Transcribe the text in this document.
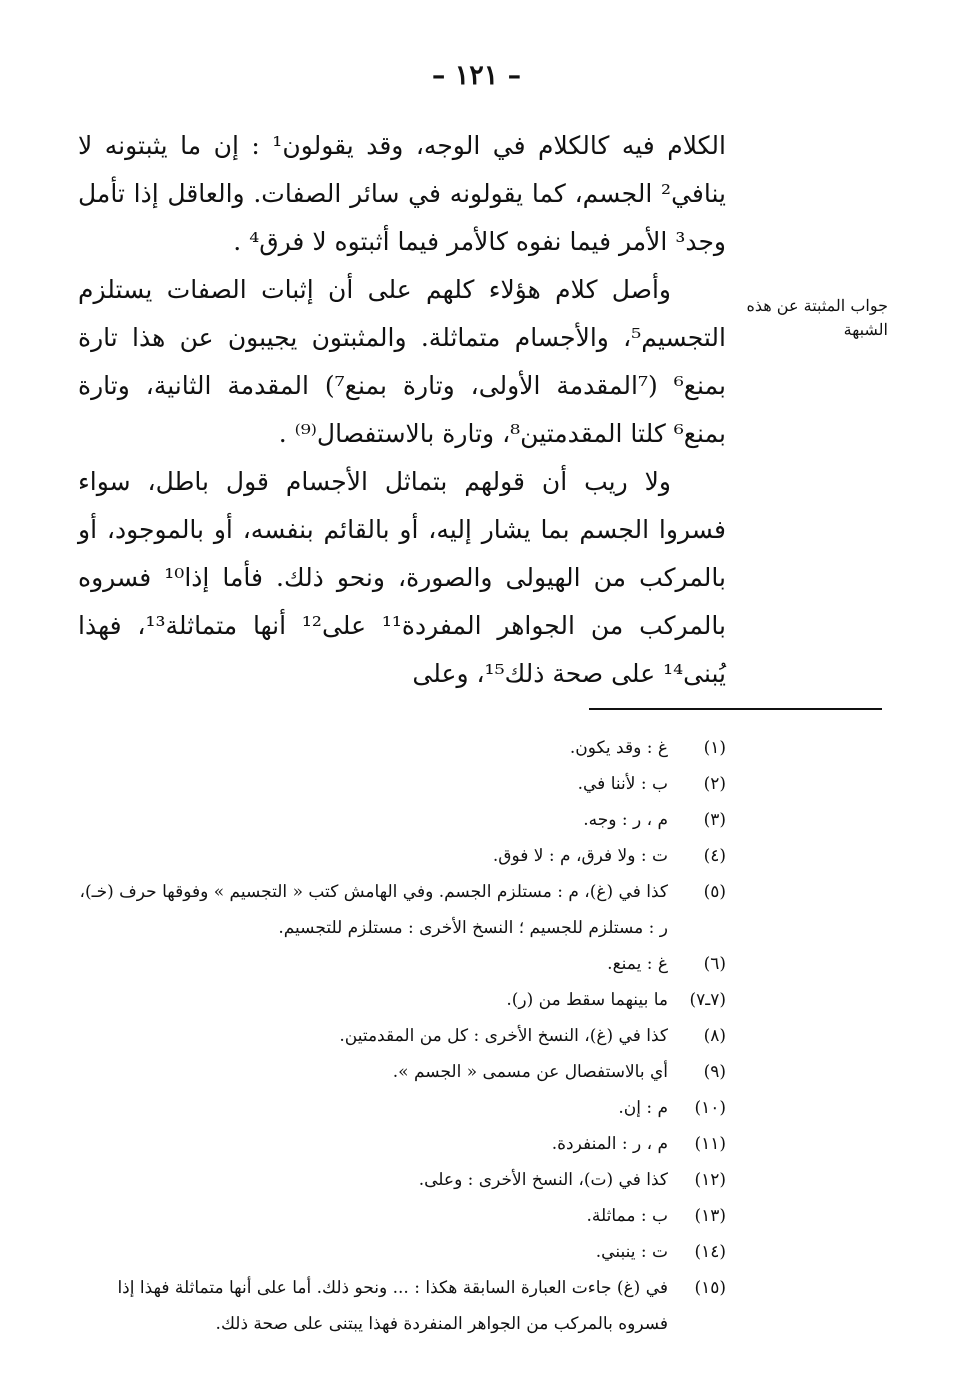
– ١٢١ –
جواب المثبتة عن هذه الشبهة

الكلام فيه كالكلام في الوجه، وقد يقولون¹ : إن ما يثبتونه لا ينافي² الجسم، كما يقولونه في سائر الصفات. والعاقل إذا تأمل وجد³ الأمر فيما نفوه كالأمر فيما أثبتوه لا فرق⁴ .

وأصل كلام هؤلاء كلهم على أن إثبات الصفات يستلزم التجسيم⁵، والأجسام متماثلة. والمثبتون يجيبون عن هذا تارة بمنع⁶ (⁷المقدمة الأولى، وتارة بمنع⁷) المقدمة الثانية، وتارة بمنع⁶ كلتا المقدمتين⁸، وتارة بالاستفصال⁽⁹⁾ .

ولا ريب أن قولهم بتماثل الأجسام قول باطل، سواء فسروا الجسم بما يشار إليه، أو بالقائم بنفسه، أو بالموجود، أو بالمركب من الهيولى والصورة، ونحو ذلك. فأما إذا¹⁰ فسروه بالمركب من الجواهر المفردة¹¹ على¹² أنها متماثلة¹³، فهذا يُبنى¹⁴ على صحة ذلك¹⁵، وعلى

(١)
غ : وقد يكون.
(٢)
ب : لأننا في.
(٣)
م ، ر : وجه.
(٤)
ت : ولا فرق، م : لا فوق.
(٥)
كذا في (غ)، م : مستلزم الجسم. وفي الهامش كتب « التجسيم » وفوقها حرف (خـ)، ر : مستلزم للجسيم ؛ النسخ الأخرى : مستلزم للتجسيم.
(٦)
غ : يمنع.
(٧ـ٧)
ما بينهما سقط من (ر).
(٨)
كذا في (غ)، النسخ الأخرى : كل من المقدمتين.
(٩)
أي بالاستفصال عن مسمى « الجسم ».
(١٠)
م : إن.
(١١)
م ، ر : المنفردة.
(١٢)
كذا في (ت)، النسخ الأخرى : وعلى.
(١٣)
ب : مماثلة.
(١٤)
ت : ينبني.
(١٥)
في (غ) جاءت العبارة السابقة هكذا : ... ونحو ذلك. أما على أنها متماثلة فهذا إذا فسروه بالمركب من الجواهر المنفردة فهذا يبتنى على صحة ذلك.
